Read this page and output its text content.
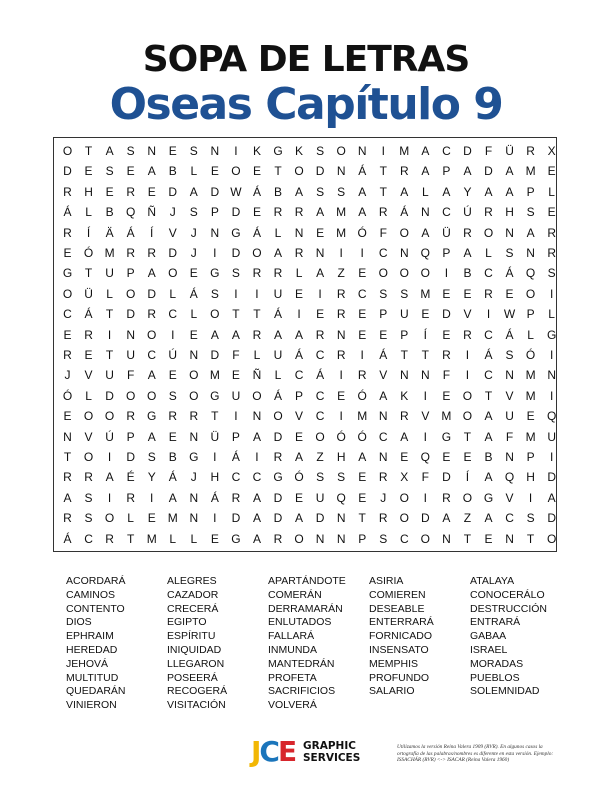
SOPA DE LETRAS
Oseas Capítulo 9
O	T	A	S	N	E	S	N	I	K	G	K	S	O	N	I	M	A	C	D	F	Ü	R	X
D	E	S	E	A	B	L	E	O	E	T	O	D	N	Á	T	R	A	P	A	D	A	M	E
R	H	E	R	E	D	A	D W Á	B	A	S	S	A	T	A	L	A	Y	A	A	P	L
Á	L	B	Q	Ñ	J	S	P	D	E	R	R	A	M	A	R	Á	N	C	Ú	R	H	S	E
R	Í	Ä	Á	Í	V	J	N	G	Á	L	N	E	M Ó	F	O	A	Ü	R	O	N	A	R
E	Ó M R	R	D	J	I	D	O	A	R	N	I	I	C	N	Q	P	A	L	S	N	R
G	T	U	P	A	O	E	G	S	R	R	L	A	Z	E	O O O	I	B	C	Á	Q	S
O	Ü	L	O	D	L	Á	S	I	I	U	E	I	R	C	S	S	M	E	E	R	E	O	I
C	Á	T	D	R	C	L	O	T	T	Á	I	E	R	E	P	U	E	D	V	I	W P	L
E	R	I	N	O	I	E	A	A	R	A	A	R	N	E	E	P	Í	E	R	C	Á	L	G
R	E	T	U	C	Ú	N	D	F	L	U	Á	C	R	I	Á	T	T	R	I	Á	S	Ó	I
J	V	U	F	A	E	O M	E	Ñ	L	C	Á	I	R	V	N	N	F	I	C	N M N
Ó	L	D	O O	S	O G	U	O	Á	P	C	E	Ó	A	K	I	E	O	T	V	M	I
E	O O	R	G	R	R	T	I	N	O	V	C	I	M N	R	V	M O	A	U	E	Q
N	V	Ú	P	A	E	N	Ü	P	A	D	E	O Ó Ó	C	A	I	G	T	A	F	M U
T	O	I	D	S	B	G	I	Á	I	R	A	Z	H	A	N	E	Q	E	E	B	N	P	I
R	R	A	É	Y	Á	J	H	C	C	G Ó	S	S	E	R	X	F	D	Í	A	Q	H	D
A	S	I	R	I	A	N	Á	R	A	D	E	U	Q	E	J	O	I	R	O G	V	I	A
R	S	O	L	E	M N	I	D	A	D	A	D	N	T	R	O	D	A	Z	A	C	S	D
Á	C	R	T	M	L	L	E	G	A	R	O	N	N	P	S	C	O	N	T	E	N	T	O
ACORDARÁ
CAMINOS
CONTENTO
DIOS
EPHRAIM
HEREDAD
JEHOVÁ
MULTITUD
QUEDARÁN
VINIERON
ALEGRES
CAZADOR
CRECERÁ
EGIPTO
ESPÍRITU
INIQUIDAD
LLEGARON
POSEERÁ
RECOGERÁ
VISITACIÓN
APARTÁNDOTE
COMERÁN
DERRAMARÁN
ENLUTADOS
FALLARÁ
INMUNDA
MANTEDRÁN
PROFETA
SACRIFICIOS
VOLVERÁ
ASIRIA
COMIEREN
DESEABLE
ENTERRARÁ
FORNICADO
INSENSATO
MEMPHIS
PROFUNDO
SALARIO
ATALAYA
CONOCERÁLO
DESTRUCCIÓN
ENTRARÁ
GABAA
ISRAEL
MORADAS
PUEBLOS
SOLEMNIDAD
JCE GRAPHIC
SERVICES
Utilizamos la versión Reina Valera 1909 (RVR). En algunos casos la ortografía de las palabras/nombres es diferente en esta versión. Ejemplo: ISSACHÁR (RVR) <-> ISACAR (Reina Valera 1960)
